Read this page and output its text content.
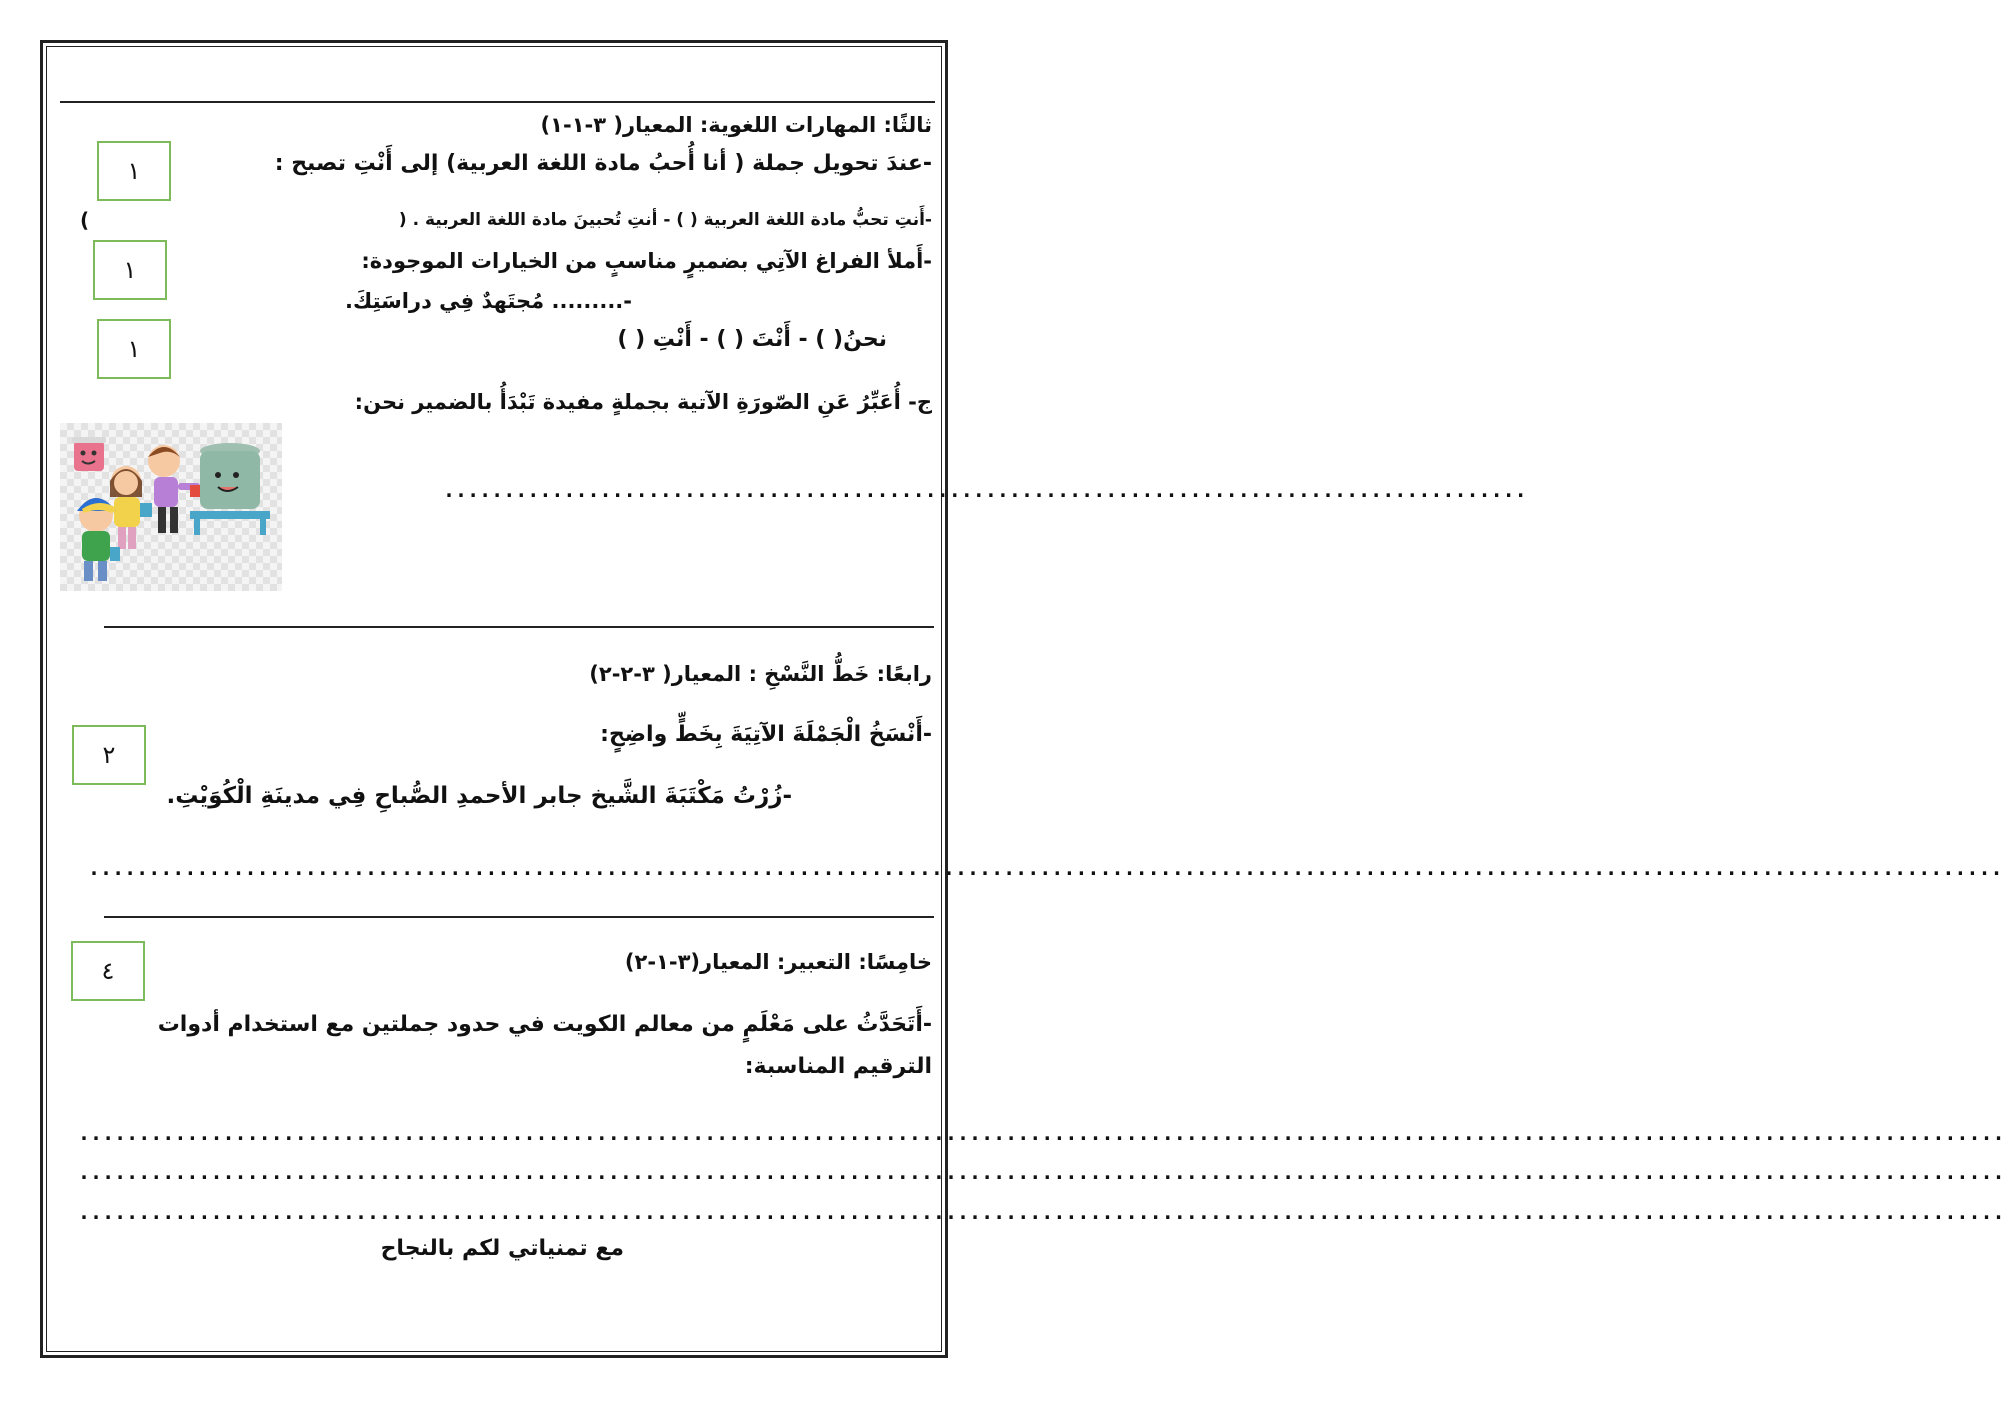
ثالثًا: المهارات اللغوية: المعيار( ٣-١-١)
-عندَ تحويل جملة ( أنا أُحبُ مادة اللغة العربية) إلى أَنْتِ تصبح :
١
-أَنتِ تحبُّ مادة اللغة العربية ( ) - أنتِ تُحبينَ مادة اللغة العربية . (
)
-أَملأ الفراغ الآتِي بضميرٍ مناسبٍ من الخيارات الموجودة:
١
-......... مُجتَهدٌ فِي دراسَتِكَ.
نحنُ( ) - أَنْتَ ( ) - أَنْتِ ( )
١
ج- أُعَبِّرُ عَنِ الصّورَةِ الآتية بجملةٍ مفيدة تَبْدَأُ بالضمير نحن:
..........................................................................................
رابعًا: خَطُّ النَّسْخِ : المعيار( ٣-٢-٢)
-أَنْسَخُ الْجَمْلَةَ الآتِيَةَ بِخَطٍّ واضِحٍ:
٢
-زُرْتُ مَكْتَبَةَ الشَّيخ جابر الأحمدِ الصُّباحِ فِي مدينَةِ الْكُوَيْتِ.
...............................................................................................................................................................
خامِسًا: التعبير: المعيار(٣-١-٢)
٤
-أَتَحَدَّثُ على مَعْلَمٍ من معالم الكويت في حدود جملتين مع استخدام أدوات
الترقيم المناسبة:
................................................................................................................................................................
................................................................................................................................................................
................................................................................................................................................................
مع تمنياتي لكم بالنجاح
